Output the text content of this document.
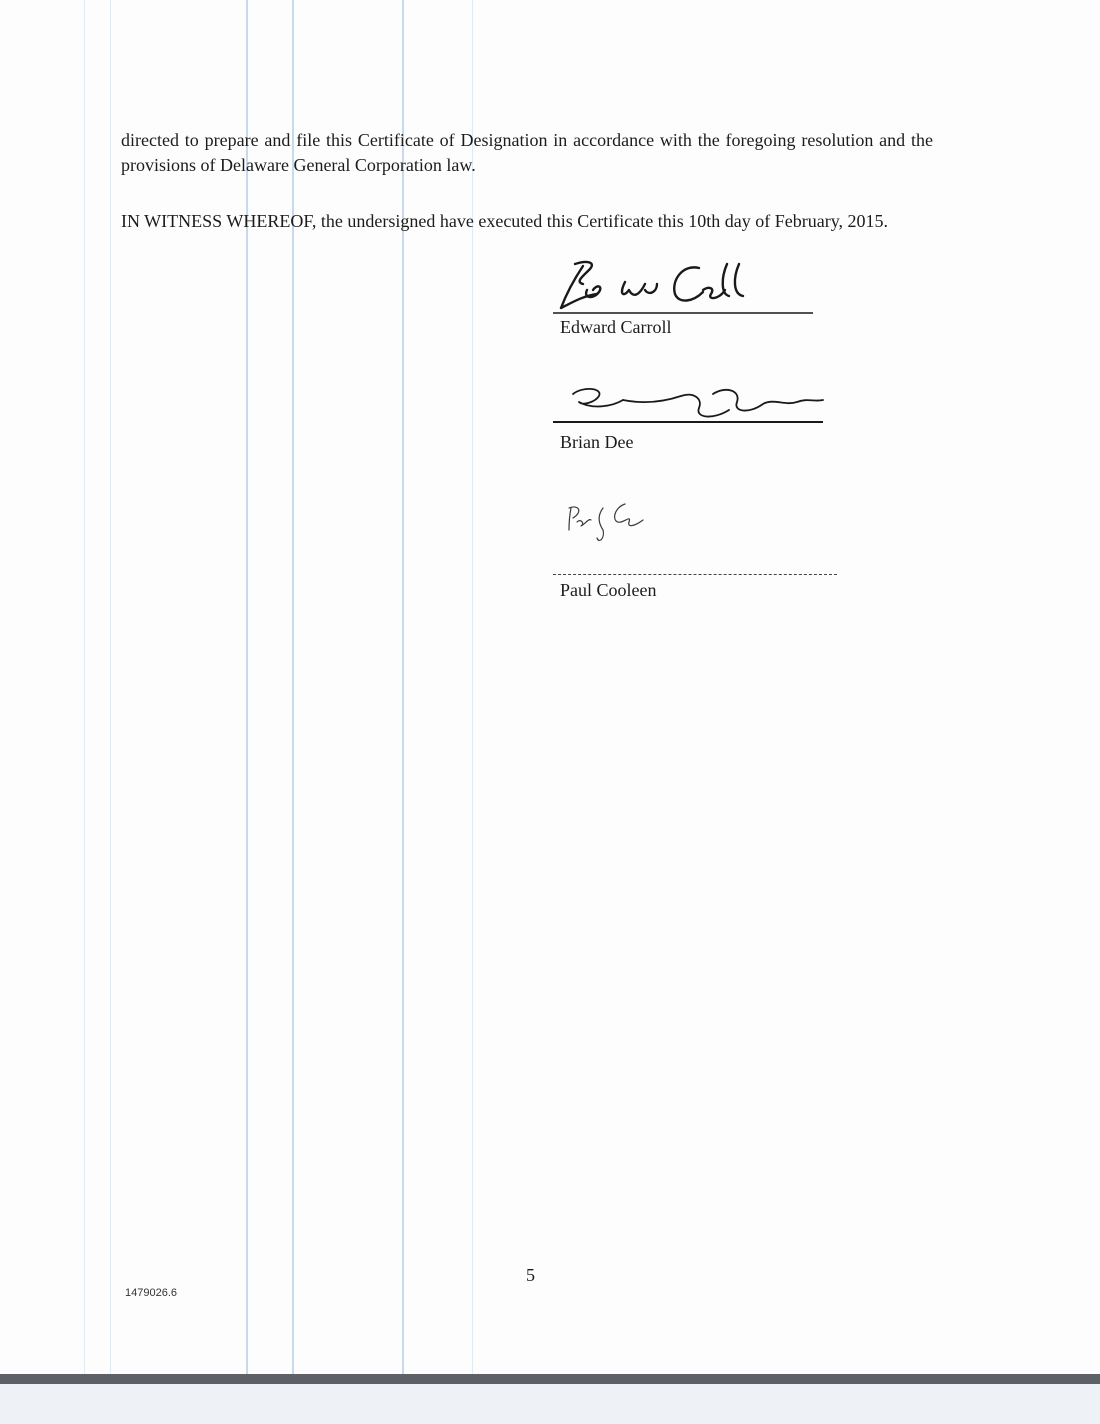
directed to prepare and file this Certificate of Designation in accordance with the foregoing resolution and the provisions of Delaware General Corporation law.

IN WITNESS WHEREOF, the undersigned have executed this Certificate this 10th day of February, 2015.

Edward Carroll
Brian Dee
Paul Cooleen
5
1479026.6
